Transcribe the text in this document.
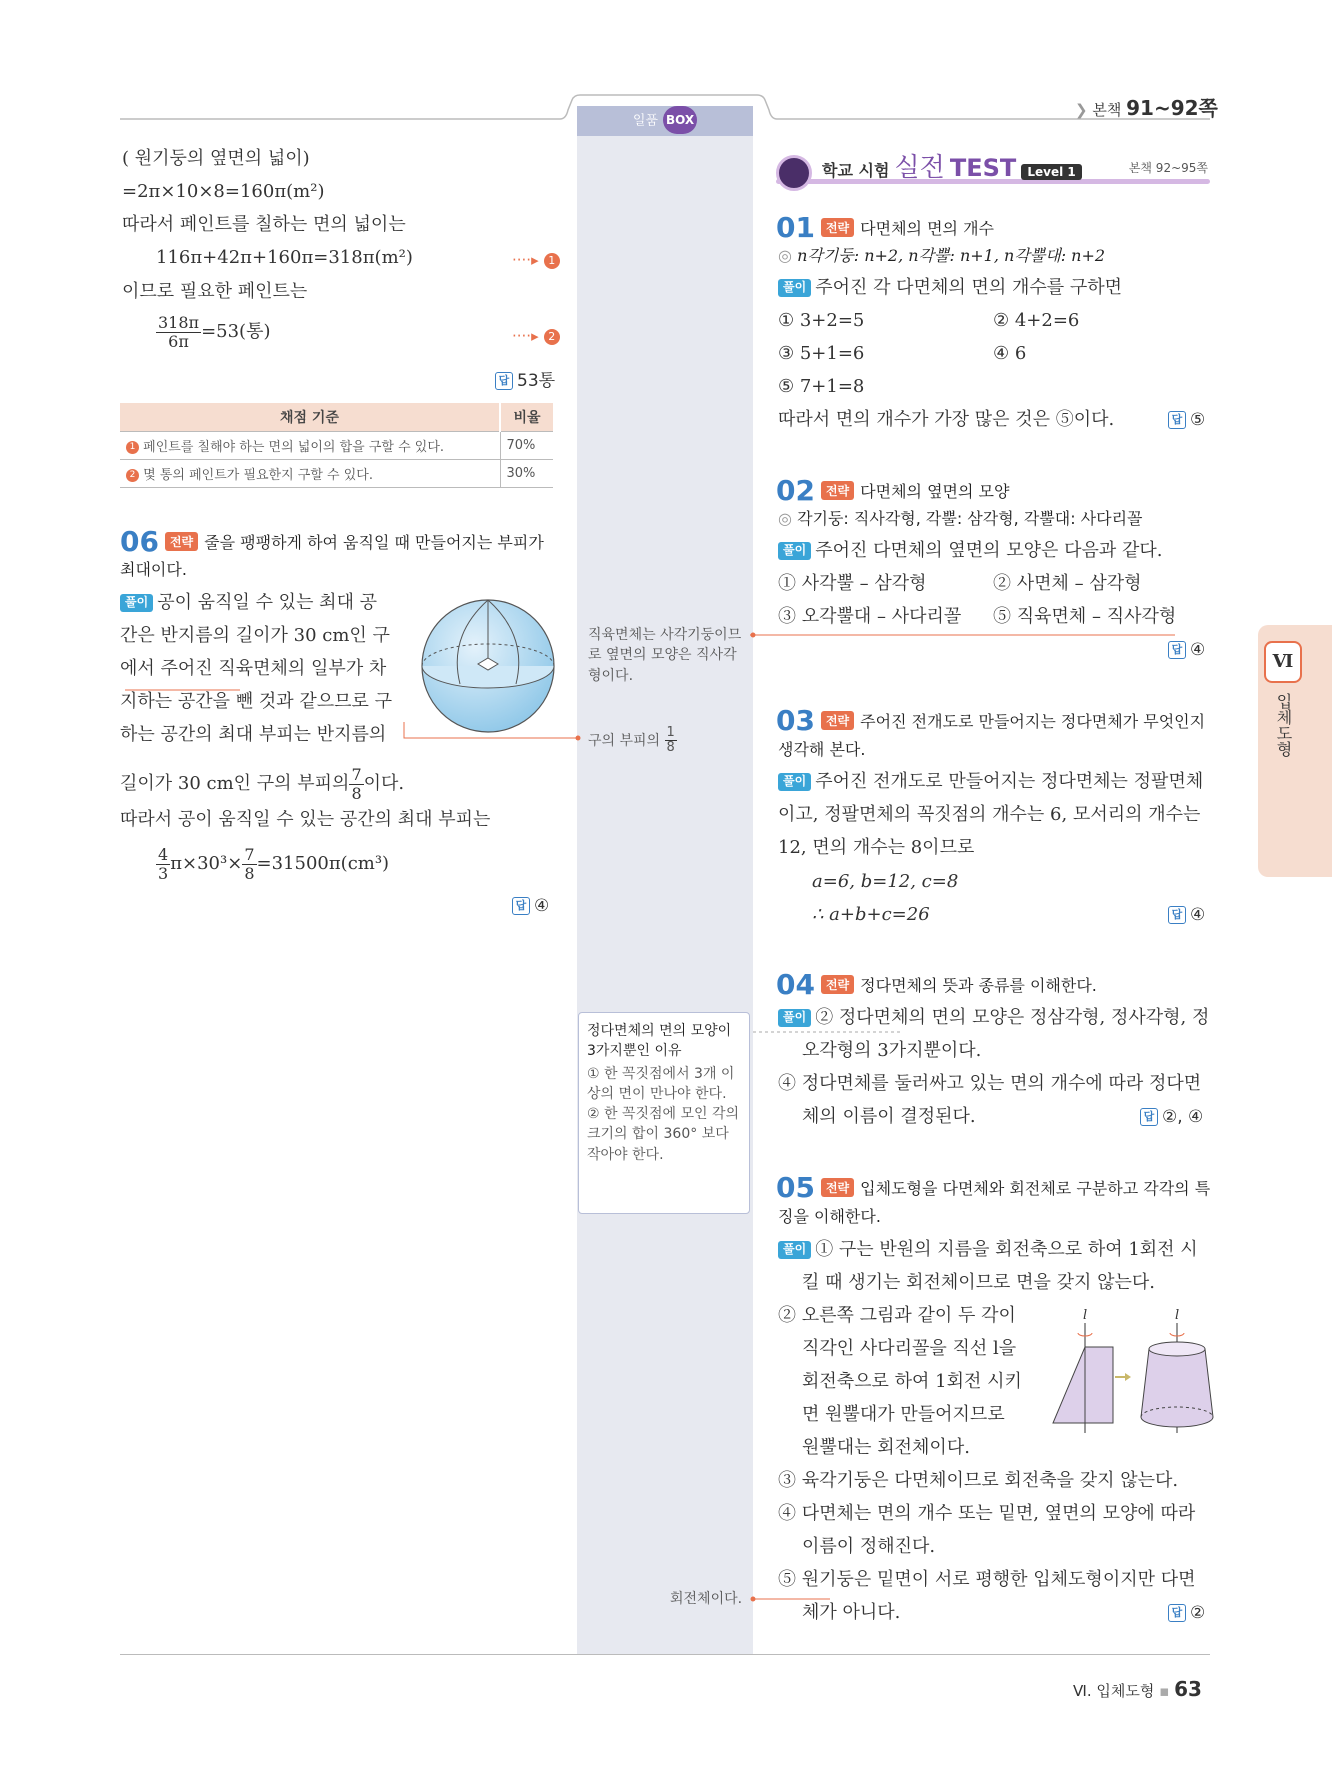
❯ 본책 91~92쪽
일품 BOX
( 원기둥의 옆면의 넓이)
=2π×10×8=160π(m²)
따라서 페인트를 칠하는 면의 넓이는
116π+42π+160π=318π(m²)	····▸ 1
이므로 필요한 페인트는
$\frac{318\pi}{6\pi} =53$(통)	····▸ 2
답 53통
채점 기준	비율
1 페인트를 칠해야 하는 면의 넓이의 합을 구할 수 있다.	70%
2 몇 통의 페인트가 필요한지 구할 수 있다.	30%
06 전략 줄을 팽팽하게 하여 움직일 때 만들어지는 부피가
최대이다.
풀이 공이 움직일 수 있는 최대 공
간은 반지름의 길이가 30 cm인 구
에서 주어진 직육면체의 일부가 차
지하는 공간을 뺀 것과 같으므로 구
하는 공간의 최대 부피는 반지름의
길이가 30 cm인 구의 부피의 $\frac{7}{8}$ 이다.
따라서 공이 움직일 수 있는 공간의 최대 부피는
$\frac{4}{3} \pi\times 30^3\times \frac{7}{8} =31500\pi(cm^3)$
답 ④
직육면체는 사각기둥이므로 옆면의 모양은 직사각형이다.
구의 부피의 $\frac{1}{8}$
정다면체의 면의 모양이 3가지뿐인 이유
① 한 꼭짓점에서 3개 이상의 면이 만나야 한다.
② 한 꼭짓점에 모인 각의 크기의 합이 360° 보다 작아야 한다.
회전체이다.
학교 시험 실전 TEST Level 1	본책 92~95쪽
01 전략 다면체의 면의 개수
◎ n각기둥: n+2, n각뿔: n+1, n각뿔대: n+2
풀이 주어진 각 다면체의 면의 개수를 구하면
① 3+2=5	② 4+2=6
③ 5+1=6	④ 6
⑤ 7+1=8
따라서 면의 개수가 가장 많은 것은 ⑤이다.	답 ⑤
02 전략 다면체의 옆면의 모양
◎ 각기둥: 직사각형, 각뿔: 삼각형, 각뿔대: 사다리꼴
풀이 주어진 다면체의 옆면의 모양은 다음과 같다.
① 사각뿔 – 삼각형	② 사면체 – 삼각형
③ 오각뿔대 – 사다리꼴 ⑤ 직육면체 – 직사각형
답 ④
03 전략 주어진 전개도로 만들어지는 정다면체가 무엇인지
생각해 본다.
풀이 주어진 전개도로 만들어지는 정다면체는 정팔면체
이고, 정팔면체의 꼭짓점의 개수는 6, 모서리의 개수는
12, 면의 개수는 8이므로
a=6, b=12, c=8
∴ a+b+c=26	답 ④
04 전략 정다면체의 뜻과 종류를 이해한다.
풀이 ② 정다면체의 면의 모양은 정삼각형, 정사각형, 정
오각형의 3가지뿐이다.
④ 정다면체를 둘러싸고 있는 면의 개수에 따라 정다면
체의 이름이 결정된다.	답 ②, ④
05 전략 입체도형을 다면체와 회전체로 구분하고 각각의 특
징을 이해한다.
풀이 ① 구는 반원의 지름을 회전축으로 하여 1회전 시
킬 때 생기는 회전체이므로 면을 갖지 않는다.
② 오른쪽 그림과 같이 두 각이
직각인 사다리꼴을 직선 l을
회전축으로 하여 1회전 시키
면 원뿔대가 만들어지므로
원뿔대는 회전체이다.
③ 육각기둥은 다면체이므로 회전축을 갖지 않는다.
④ 다면체는 면의 개수 또는 밑면, 옆면의 모양에 따라
이름이 정해진다.
⑤ 원기둥은 밑면이 서로 평행한 입체도형이지만 다면
체가 아니다.	답 ②
l	l
Ⅵ
입체도형
Ⅵ. 입체도형 ▪ 63
